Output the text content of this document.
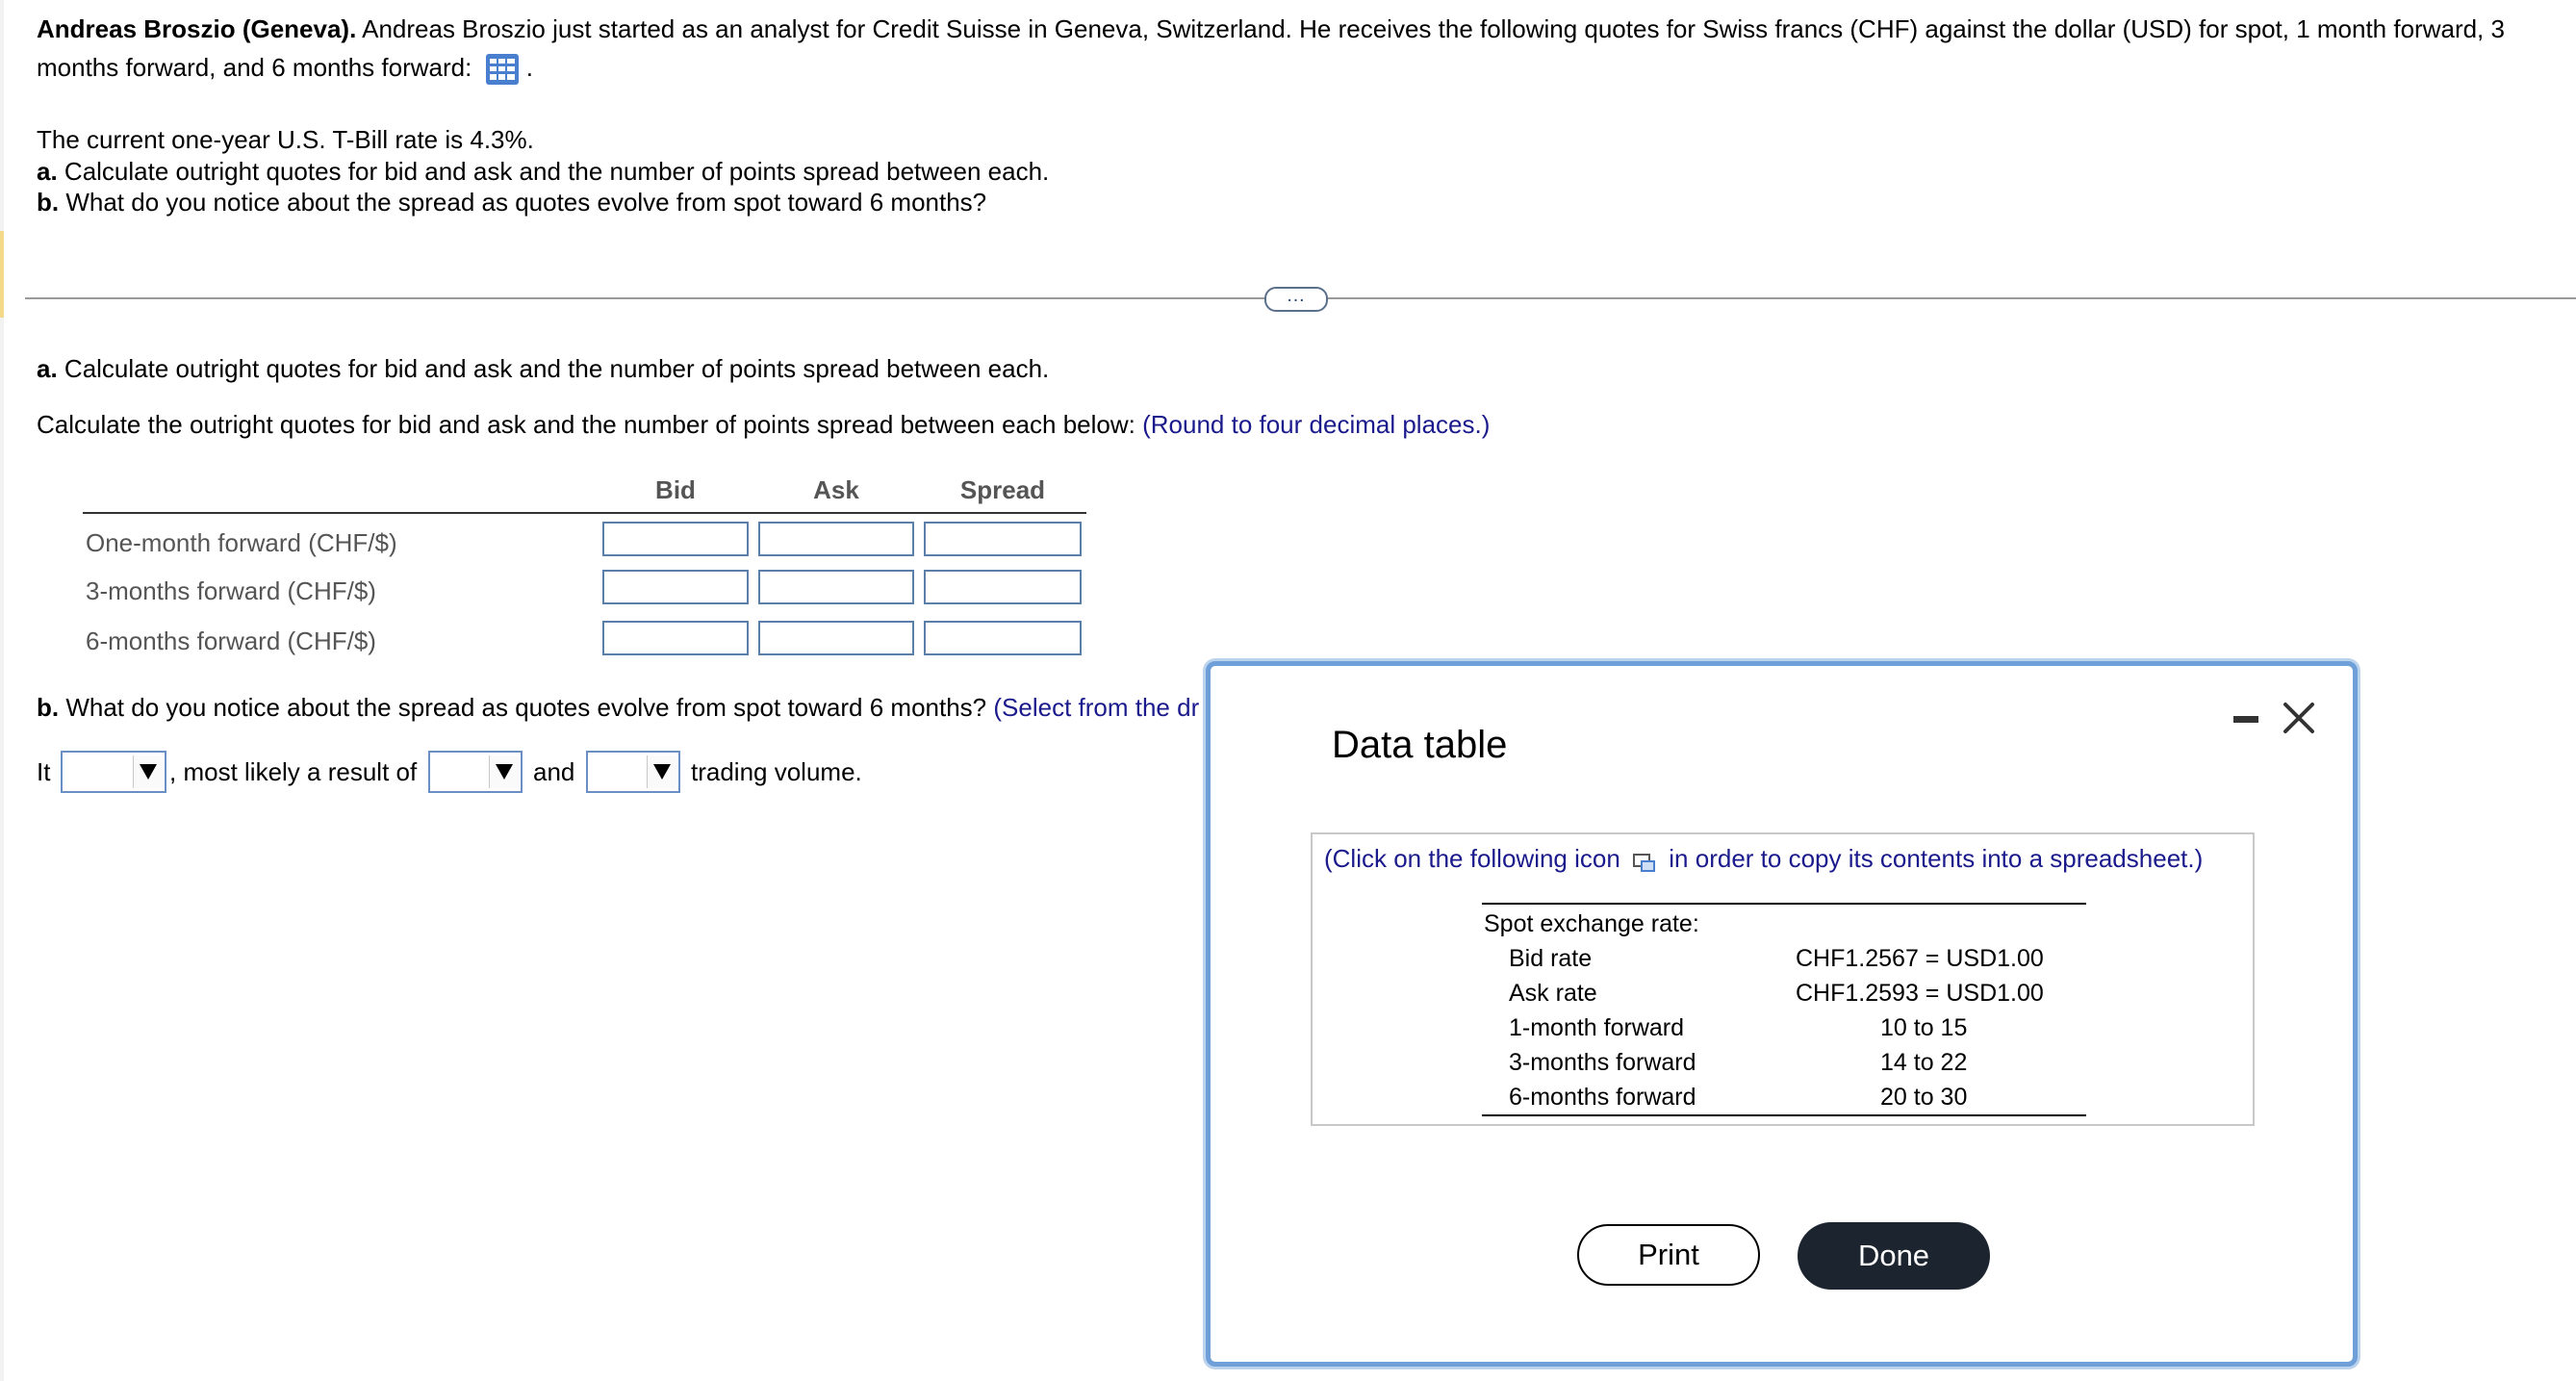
Andreas Broszio (Geneva). Andreas Broszio just started as an analyst for Credit Suisse in Geneva, Switzerland. He receives the following quotes for Swiss francs (CHF) against the dollar (USD) for spot, 1 month forward, 3
months forward, and 6 months forward: .
The current one-year U.S. T-Bill rate is 4.3%.
a. Calculate outright quotes for bid and ask and the number of points spread between each.
b. What do you notice about the spread as quotes evolve from spot toward 6 months?
…
a. Calculate outright quotes for bid and ask and the number of points spread between each.
Calculate the outright quotes for bid and ask and the number of points spread between each below: (Round to four decimal places.)
Bid	Ask	Spread
One-month forward (CHF/$)
3-months forward (CHF/$)
6-months forward (CHF/$)
b. What do you notice about the spread as quotes evolve from spot toward 6 months? (Select from the dr
It	, most likely a result of	and	trading volume.
Data table
(Click on the following icon in order to copy its contents into a spreadsheet.)
Spot exchange rate:
Bid rate	CHF1.2567 = USD1.00
Ask rate	CHF1.2593 = USD1.00
1-month forward	10 to 15
3-months forward	14 to 22
6-months forward	20 to 30
Print	Done
